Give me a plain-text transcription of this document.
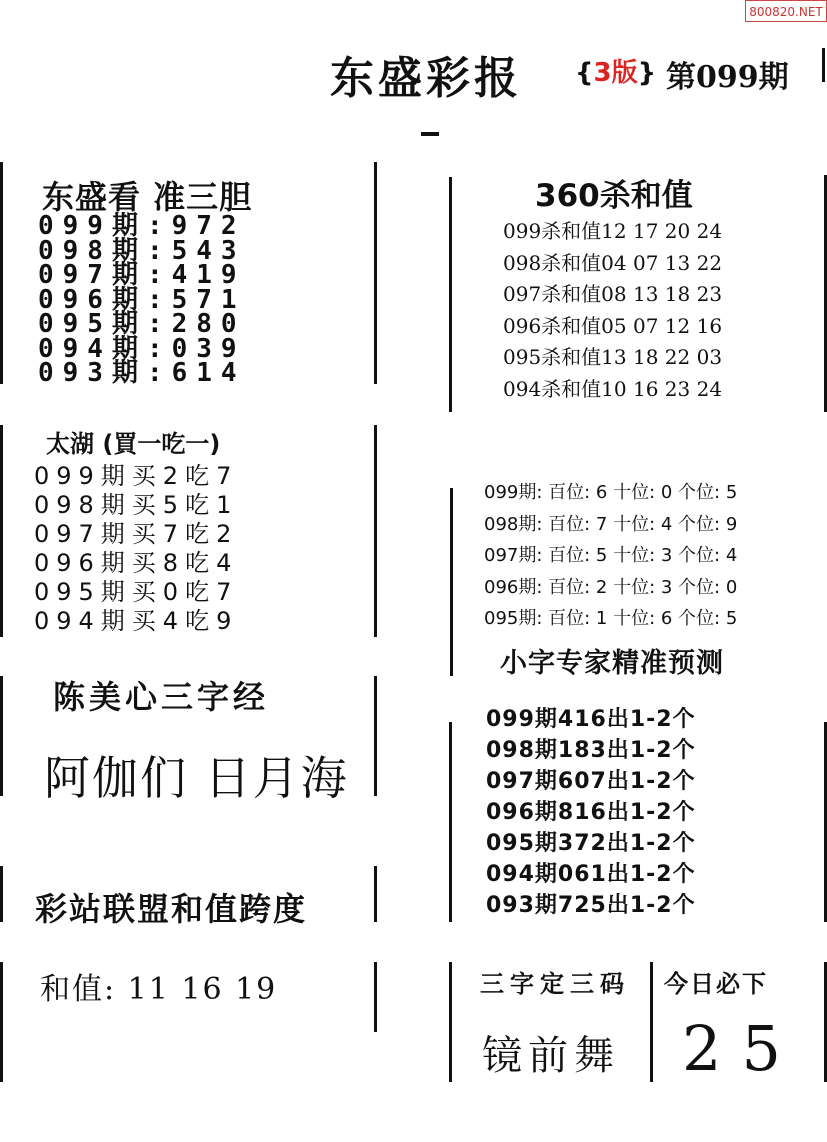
800820.NET
东盛彩报 {3版} 第099期
东盛看 准三胆
099期:972
098期:543
097期:419
096期:571
095期:280
094期:039
093期:614
360杀和值
099杀和值12 17 20 24
098杀和值04 07 13 22
097杀和值08 13 18 23
096杀和值05 07 12 16
095杀和值13 18 22 03
094杀和值10 16 23 24
太湖 (買一吃一)
099期买2吃7
098期买5吃1
097期买7吃2
096期买8吃4
095期买0吃7
094期买4吃9
099期: 百位: 6 十位: 0 个位: 5
098期: 百位: 7 十位: 4 个位: 9
097期: 百位: 5 十位: 3 个位: 4
096期: 百位: 2 十位: 3 个位: 0
095期: 百位: 1 十位: 6 个位: 5
小字专家精准预测
陈美心三字经
阿伽们 日月海
099期416出1-2个
098期183出1-2个
097期607出1-2个
096期816出1-2个
095期372出1-2个
094期061出1-2个
093期725出1-2个
彩站联盟和值跨度
和值: 11 16 19	三字定三码
镜前舞
今日必下
25
